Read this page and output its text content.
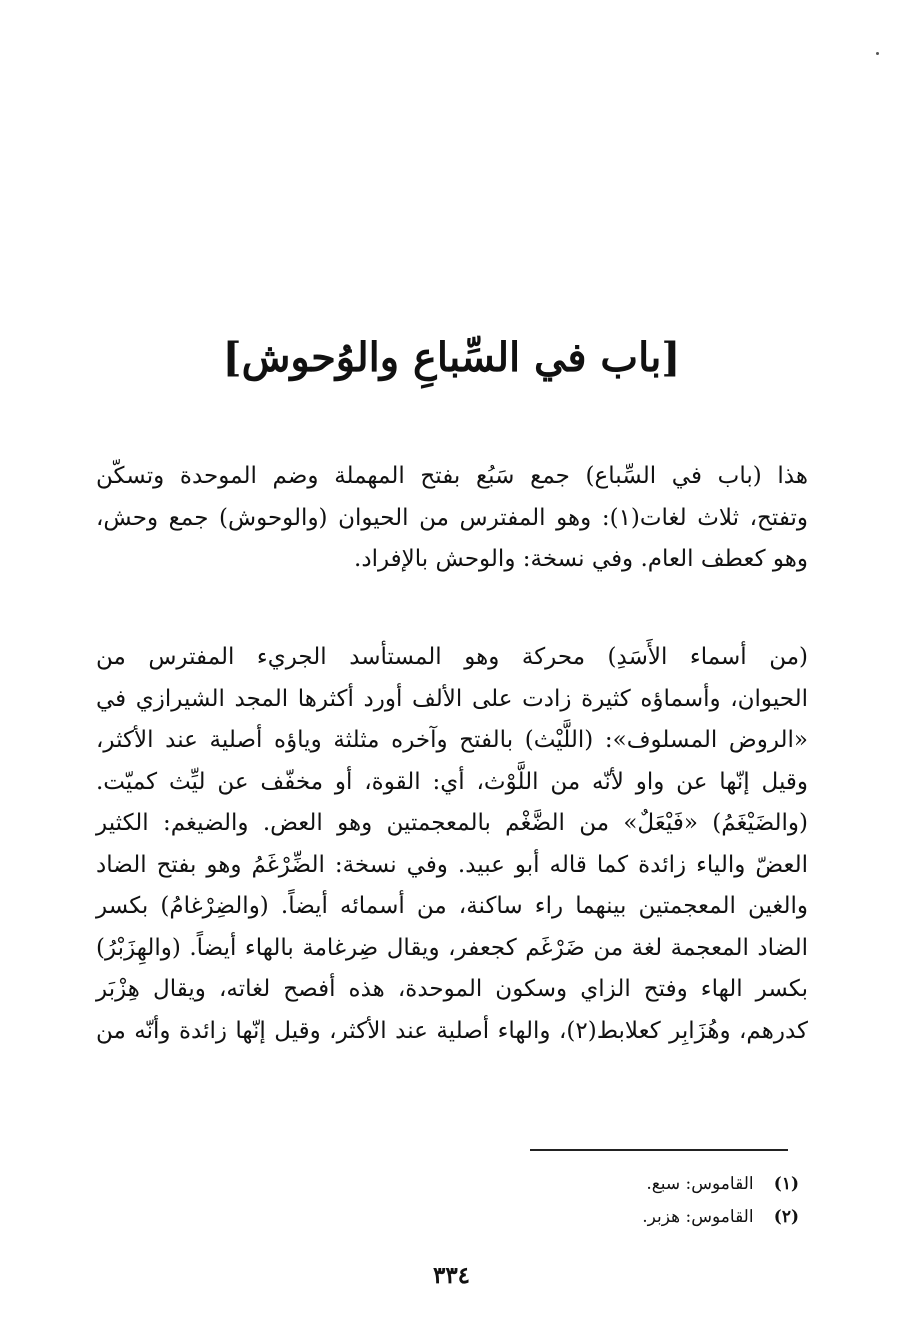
[باب في السِّباعِ والوُحوش]
هذا (باب في السِّباع) جمع سَبُع بفتح المهملة وضم الموحدة وتسكّن
وتفتح، ثلاث لغات(١): وهو المفترس من الحيوان (والوحوش) جمع وحش،
وهو كعطف العام. وفي نسخة: والوحش بالإفراد.
(من أسماء الأَسَدِ) محركة وهو المستأسد الجريء المفترس من
الحيوان، وأسماؤه كثيرة زادت على الألف أورد أكثرها المجد الشيرازي في
«الروض المسلوف»: (اللَّيْث) بالفتح وآخره مثلثة وياؤه أصلية عند الأكثر،
وقيل إنّها عن واو لأنّه من اللَّوْث، أي: القوة، أو مخفّف عن ليِّث كميّت.
(والضَيْغَمُ) «فَيْعَلٌ» من الضَّغْم بالمعجمتين وهو العض. والضيغم: الكثير
العضّ والياء زائدة كما قاله أبو عبيد. وفي نسخة: الضِّرْغَمُ وهو بفتح الضاد
والغين المعجمتين بينهما راء ساكنة، من أسمائه أيضاً. (والضِرْغامُ) بكسر
الضاد المعجمة لغة من ضَرْغَم كجعفر، ويقال ضِرغامة بالهاء أيضاً. (والهِزَبْرُ)
بكسر الهاء وفتح الزاي وسكون الموحدة، هذه أفصح لغاته، ويقال هِزْبَر
كدرهم، وهُزَابِر كعلابط(٢)، والهاء أصلية عند الأكثر، وقيل إنّها زائدة وأنّه من
(١) القاموس: سبع.
(٢) القاموس: هزبر.
٣٣٤
